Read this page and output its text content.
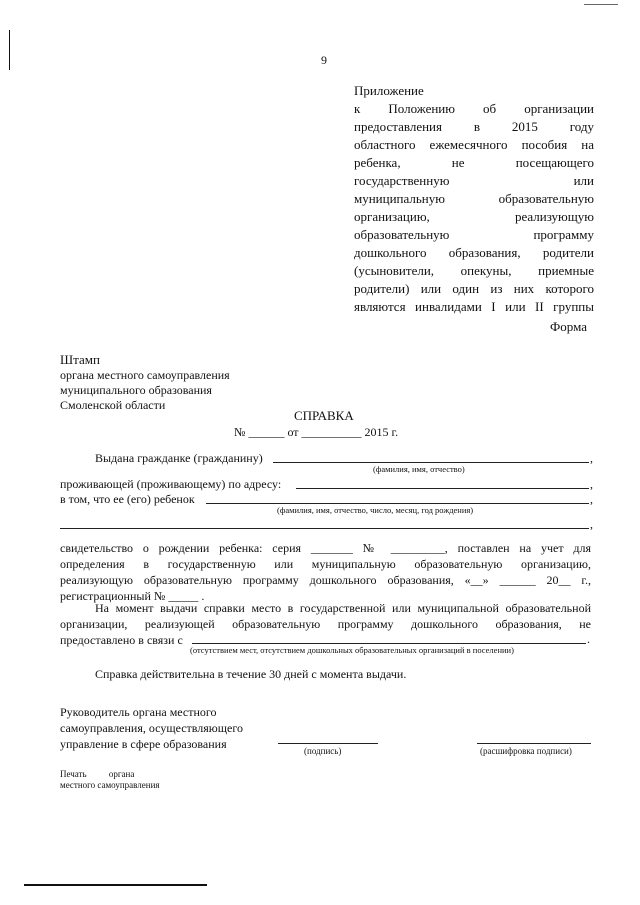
9
Приложение
к Положению об организации
предоставления в 2015 году
областного ежемесячного пособия на
ребенка, не посещающего
государственную или
муниципальную образовательную
организацию, реализующую
образовательную программу
дошкольного образования, родители
(усыновители, опекуны, приемные
родители) или один из них которого
являются инвалидами I или II группы
Форма
Штамп
органа местного самоуправления
муниципального образования
Смоленской области
СПРАВКА
№ ______ от __________ 2015 г.
Выдана гражданке (гражданину)	,
(фамилия, имя, отчество)
проживающей (проживающему) по адресу:	,
в том, что ее (его) ребенок	,
(фамилия, имя, отчество, число, месяц, год рождения)
,
свидетельство о рождении ребенка: серия _______ № _________, поставлен на учет для
определения в государственную или муниципальную образовательную организацию,
реализующую образовательную программу дошкольного образования, «__» ______ 20__ г.,
регистрационный № _____ .
На момент выдачи справки место в государственной или муниципальной образовательной
организации, реализующей образовательную программу дошкольного образования, не
предоставлено в связи с	.
(отсутствием мест, отсутствием дошкольных образовательных организаций в поселении)
Справка действительна в течение 30 дней с момента выдачи.
Руководитель органа местного
самоуправления, осуществляющего
управление в сфере образования	(подпись)	(расшифровка подписи)
Печать органа
местного самоуправления
